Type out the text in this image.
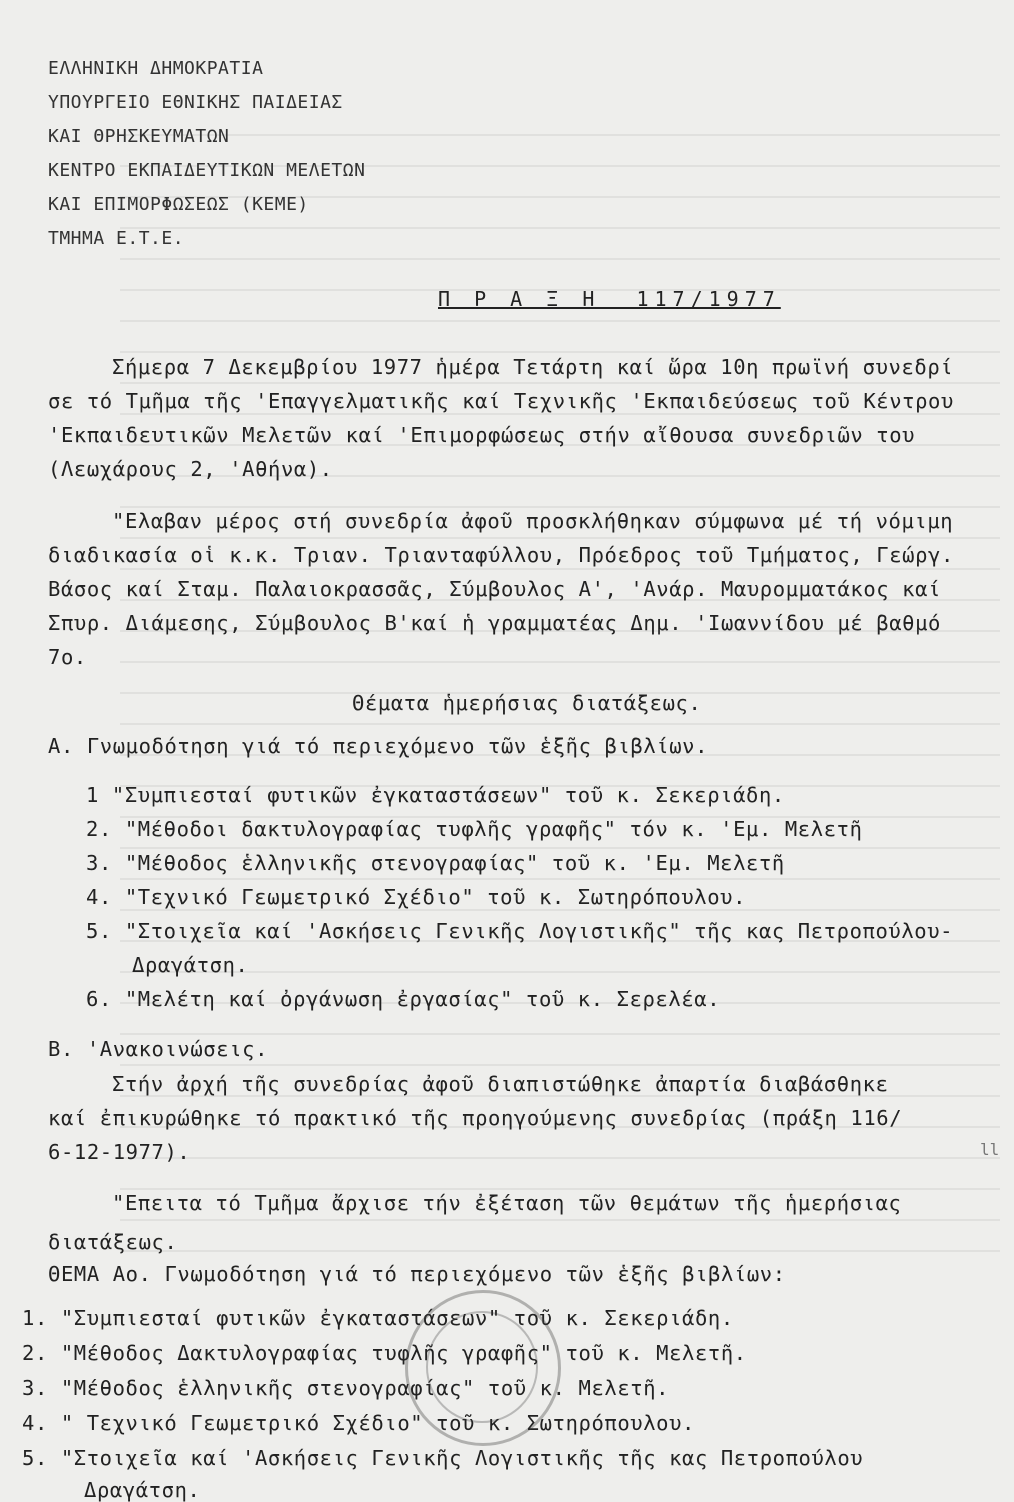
ΕΛΛΗΝΙΚΗ ΔΗΜΟΚΡΑΤΙΑ
ΥΠΟΥΡΓΕΙΟ ΕΘΝΙΚΗΣ ΠΑΙΔΕΙΑΣ
ΚΑΙ ΘΡΗΣΚΕΥΜΑΤΩΝ
ΚΕΝΤΡΟ ΕΚΠΑΙΔΕΥΤΙΚΩΝ ΜΕΛΕΤΩΝ
ΚΑΙ ΕΠΙΜΟΡΦΩΣΕΩΣ (ΚΕΜΕ)
ΤΜΗΜΑ Ε.Τ.Ε.
Π Ρ Α Ξ Η  117/1977
Σήμερα 7 Δεκεμβρίου 1977 ἡμέρα Τετάρτη καί ὥρα 10η πρωϊνή συνεδρί
σε τό Τμῆμα τῆς 'Επαγγελματικῆς καί Τεχνικῆς 'Εκπαιδεύσεως τοῦ Κέντρου
'Εκπαιδευτικῶν Μελετῶν καί 'Επιμορφώσεως στήν αἴθουσα συνεδριῶν του
(Λεωχάρους 2, 'Αθήνα).
"Ελαβαν μέρος στή συνεδρία ἀφοῦ προσκλήθηκαν σύμφωνα μέ τή νόμιμη
διαδικασία οἱ κ.κ. Τριαν. Τριανταφύλλου, Πρόεδρος τοῦ Τμήματος, Γεώργ.
Βάσος καί Σταμ. Παλαιοκρασσᾶς, Σύμβουλος Α', 'Ανάρ. Μαυρομματάκος καί
Σπυρ. Διάμεσης, Σύμβουλος Β'καί ἡ γραμματέας Δημ. 'Ιωαννίδου μέ βαθμό
7ο.
Θέματα ἡμερήσιας διατάξεως.
Α. Γνωμοδότηση γιά τό περιεχόμενο τῶν ἑξῆς βιβλίων.
1 "Συμπιεσταί φυτικῶν ἐγκαταστάσεων" τοῦ κ. Σεκεριάδη.
2. "Μέθοδοι δακτυλογραφίας τυφλῆς γραφῆς" τόν κ. 'Εμ. Μελετῆ
3. "Μέθοδος ἑλληνικῆς στενογραφίας" τοῦ κ. 'Εμ. Μελετῆ
4. "Τεχνικό Γεωμετρικό Σχέδιο" τοῦ κ. Σωτηρόπουλου.
5. "Στοιχεῖα καί 'Ασκήσεις Γενικῆς Λογιστικῆς" τῆς κας Πετροπούλου-
Δραγάτση.
6. "Μελέτη καί ὀργάνωση ἐργασίας" τοῦ κ. Σερελέα.
Β. 'Ανακοινώσεις.
Στήν ἀρχή τῆς συνεδρίας ἀφοῦ διαπιστώθηκε ἀπαρτία διαβάσθηκε
καί ἐπικυρώθηκε τό πρακτικό τῆς προηγούμενης συνεδρίας (πράξη 116/
6-12-1977).
"Επειτα τό Τμῆμα ἄρχισε τήν ἐξέταση τῶν θεμάτων τῆς ἡμερήσιας
διατάξεως.
ΘΕΜΑ Αο. Γνωμοδότηση γιά τό περιεχόμενο τῶν ἑξῆς βιβλίων:
1. "Συμπιεσταί φυτικῶν ἐγκαταστάσεων" τοῦ κ. Σεκεριάδη.
2. "Μέθοδος Δακτυλογραφίας τυφλῆς γραφῆς" τοῦ κ. Μελετῆ.
3. "Μέθοδος ἑλληνικῆς στενογραφίας" τοῦ κ. Μελετῆ.
4. " Τεχνικό Γεωμετρικό Σχέδιο" τοῦ κ. Σωτηρόπουλου.
5. "Στοιχεῖα καί 'Ασκήσεις Γενικῆς Λογιστικῆς τῆς κας Πετροπούλου
Δραγάτση.
ll
